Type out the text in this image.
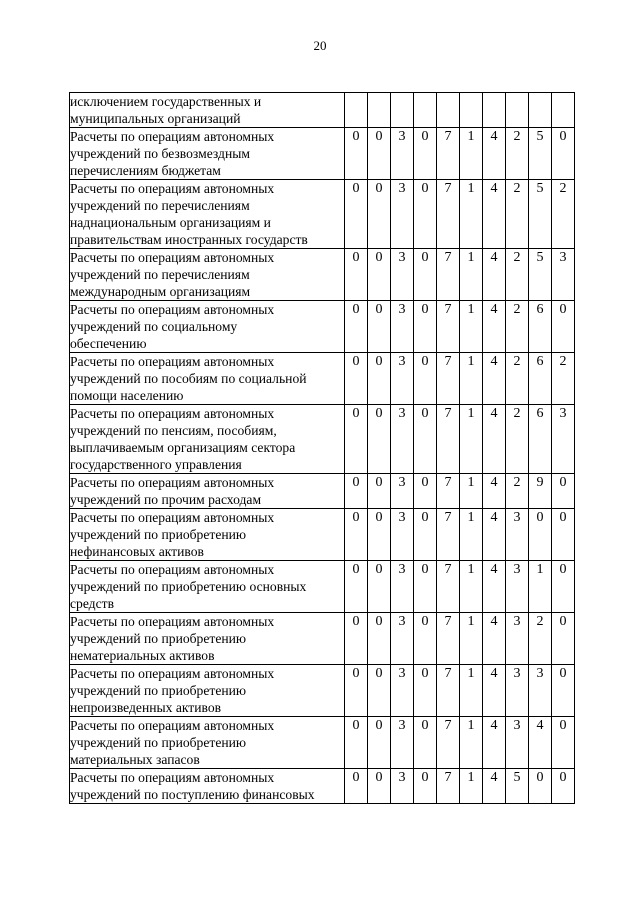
20
исключением государственных и
муниципальных организаций										

Расчеты по операциям автономных
учреждений по безвозмездным
перечислениям бюджетам	0	0	3	0	7	1	4	2	5	0

Расчеты по операциям автономных
учреждений по перечислениям
наднациональным организациям и
правительствам иностранных государств	0	0	3	0	7	1	4	2	5	2

Расчеты по операциям автономных
учреждений по перечислениям
международным организациям	0	0	3	0	7	1	4	2	5	3

Расчеты по операциям автономных
учреждений по социальному
обеспечению	0	0	3	0	7	1	4	2	6	0

Расчеты по операциям автономных
учреждений по пособиям по социальной
помощи населению	0	0	3	0	7	1	4	2	6	2

Расчеты по операциям автономных
учреждений по пенсиям, пособиям,
выплачиваемым организациям сектора
государственного управления	0	0	3	0	7	1	4	2	6	3

Расчеты по операциям автономных
учреждений по прочим расходам	0	0	3	0	7	1	4	2	9	0

Расчеты по операциям автономных
учреждений по приобретению
нефинансовых активов	0	0	3	0	7	1	4	3	0	0

Расчеты по операциям автономных
учреждений по приобретению основных
средств	0	0	3	0	7	1	4	3	1	0

Расчеты по операциям автономных
учреждений по приобретению
нематериальных активов	0	0	3	0	7	1	4	3	2	0

Расчеты по операциям автономных
учреждений по приобретению
непроизведенных активов	0	0	3	0	7	1	4	3	3	0

Расчеты по операциям автономных
учреждений по приобретению
материальных запасов	0	0	3	0	7	1	4	3	4	0

Расчеты по операциям автономных
учреждений по поступлению финансовых	0	0	3	0	7	1	4	5	0	0
